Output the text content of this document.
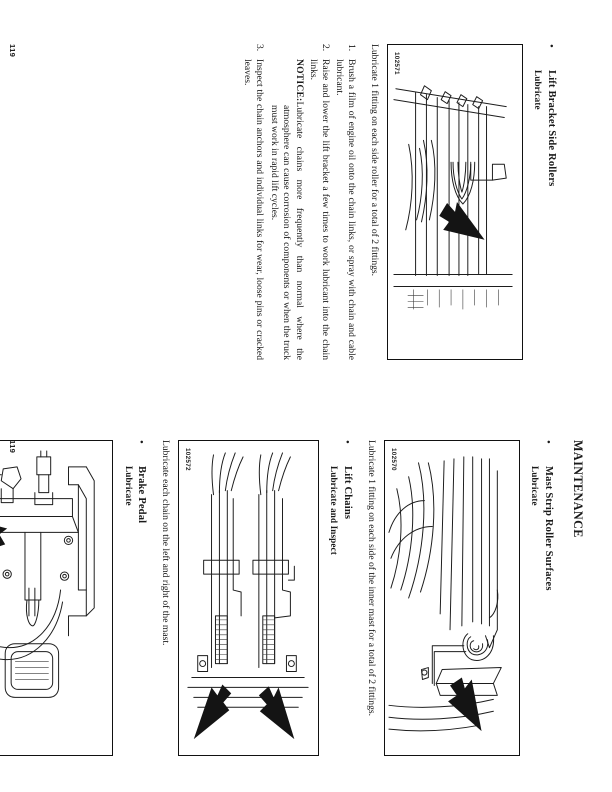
•
Lift Bracket Side Rollers
Lubricate
102571
Lubricate 1 fitting on each side roller for a total of 2 fittings.
1.
Brush a film of engine oil onto the chain links, or spray with chain and cable lubricant.
2.
Raise and lower the lift bracket a few times to work lubricant into the chain links.
NOTICE:Lubricate chains more frequently than normal where the atmosphere can cause corrosion of components or when the truck must work in rapid lift cycles.
3.
Inspect the chain anchors and individual links for wear, loose pins or cracked leaves.
119
MAINTENANCE
•
Mast Strip Roller Surfaces
Lubricate
102570
Lubricate 1 fitting on each side of the inner mast for a total of 2 fittings.
•
Lift Chains
Lubricate and Inspect
102572
Lubricate each chain on the left and right of the mast.
•
Brake Pedal
Lubricate
119
